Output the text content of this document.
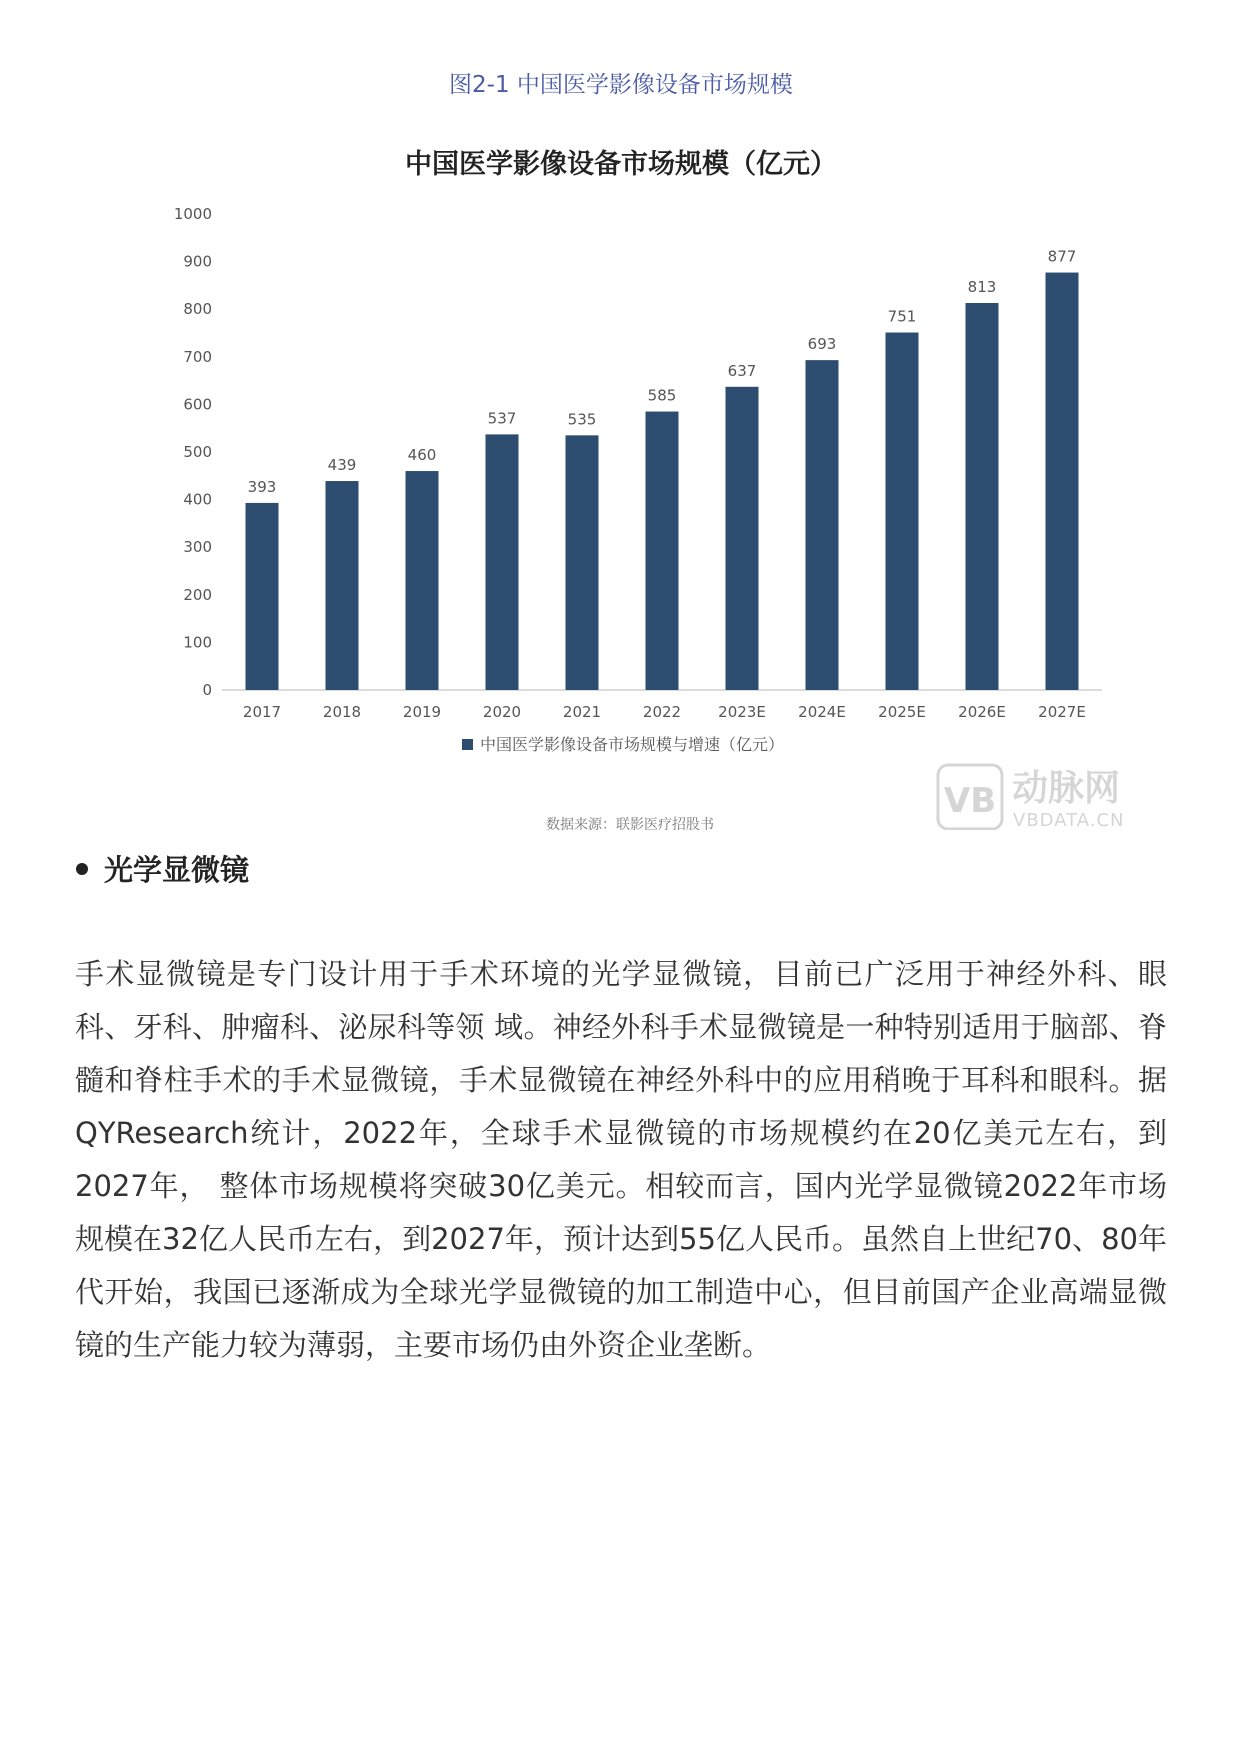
图2-1 中国医学影像设备市场规模
中国医学影像设备市场规模（亿元）
0
100
200
300
400
500
600
700
800
900
1000
393
439
460
537	535
585
637
693
751
813
877
2017	2018	2019	2020	2021	2022 2023E 2024E 2025E 2026E 2027E
中国医学影像设备市场规模与增速（亿元）
VB 动脉网
VBDATA.CN
数据来源：联影医疗招股书
光学显微镜

手术显微镜是专门设计用于手术环境的光学显微镜，目前已广泛用于神经外科、眼科、牙科、肿瘤科、泌尿科等领 域。神经外科手术显微镜是一种特别适用于脑部、脊髓和脊柱手术的手术显微镜，手术显微镜在神经外科中的应用稍晚于耳科和眼科。据QYResearch统计，2022年，全球手术显微镜的市场规模约在20亿美元左右，到2027年， 整体市场规模将突破30亿美元。相较而言，国内光学显微镜2022年市场规模在32亿人民币左右，到2027年，预计达到55亿人民币。虽然自上世纪70、80年代开始，我国已逐渐成为全球光学显微镜的加工制造中心，但目前国产企业高端显微镜的生产能力较为薄弱，主要市场仍由外资企业垄断。
